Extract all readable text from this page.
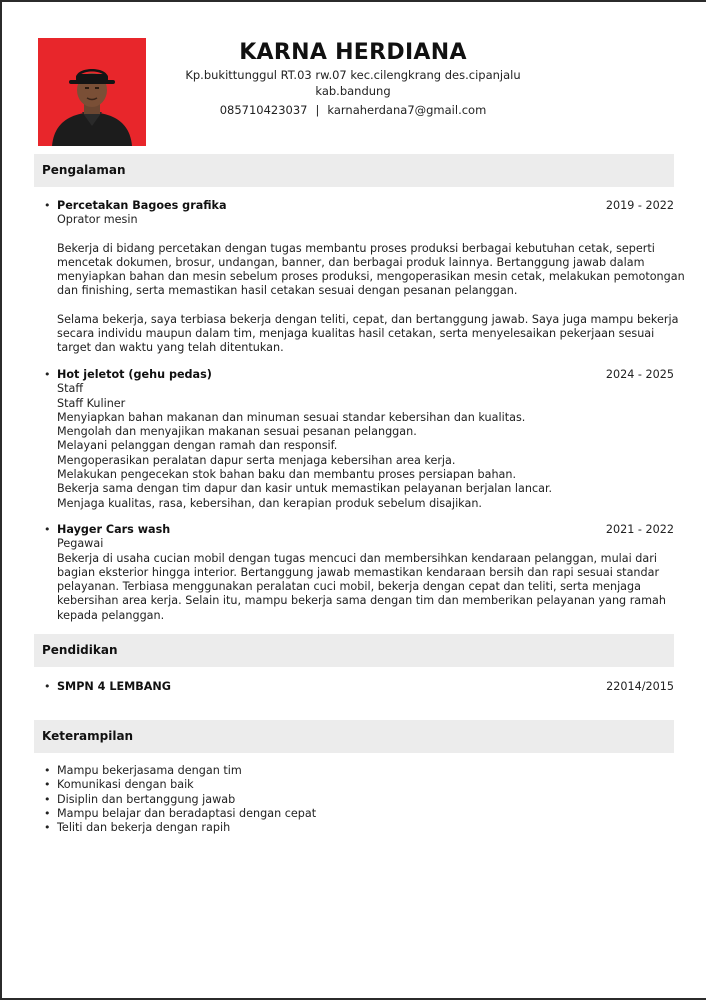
KARNA HERDIANA
Kp.bukittunggul RT.03 rw.07 kec.cilengkrang des.cipanjalu
kab.bandung
085710423037 | karnaherdana7@gmail.com
Pengalaman
• Percetakan Bagoes grafika	2019 - 2022
Oprator mesin
Bekerja di bidang percetakan dengan tugas membantu proses produksi berbagai kebutuhan cetak, seperti
mencetak dokumen, brosur, undangan, banner, dan berbagai produk lainnya. Bertanggung jawab dalam
menyiapkan bahan dan mesin sebelum proses produksi, mengoperasikan mesin cetak, melakukan pemotongan
dan finishing, serta memastikan hasil cetakan sesuai dengan pesanan pelanggan.
Selama bekerja, saya terbiasa bekerja dengan teliti, cepat, dan bertanggung jawab. Saya juga mampu bekerja
secara individu maupun dalam tim, menjaga kualitas hasil cetakan, serta menyelesaikan pekerjaan sesuai
target dan waktu yang telah ditentukan.
• Hot jeletot (gehu pedas)	2024 - 2025
Staff
Staff Kuliner
Menyiapkan bahan makanan dan minuman sesuai standar kebersihan dan kualitas.
Mengolah dan menyajikan makanan sesuai pesanan pelanggan.
Melayani pelanggan dengan ramah dan responsif.
Mengoperasikan peralatan dapur serta menjaga kebersihan area kerja.
Melakukan pengecekan stok bahan baku dan membantu proses persiapan bahan.
Bekerja sama dengan tim dapur dan kasir untuk memastikan pelayanan berjalan lancar.
Menjaga kualitas, rasa, kebersihan, dan kerapian produk sebelum disajikan.
• Hayger Cars wash	2021 - 2022
Pegawai
Bekerja di usaha cucian mobil dengan tugas mencuci dan membersihkan kendaraan pelanggan, mulai dari
bagian eksterior hingga interior. Bertanggung jawab memastikan kendaraan bersih dan rapi sesuai standar
pelayanan. Terbiasa menggunakan peralatan cuci mobil, bekerja dengan cepat dan teliti, serta menjaga
kebersihan area kerja. Selain itu, mampu bekerja sama dengan tim dan memberikan pelayanan yang ramah
kepada pelanggan.
Pendidikan
• SMPN 4 LEMBANG	22014/2015
Keterampilan
• Mampu bekerjasama dengan tim
• Komunikasi dengan baik
• Disiplin dan bertanggung jawab
• Mampu belajar dan beradaptasi dengan cepat
• Teliti dan bekerja dengan rapih
